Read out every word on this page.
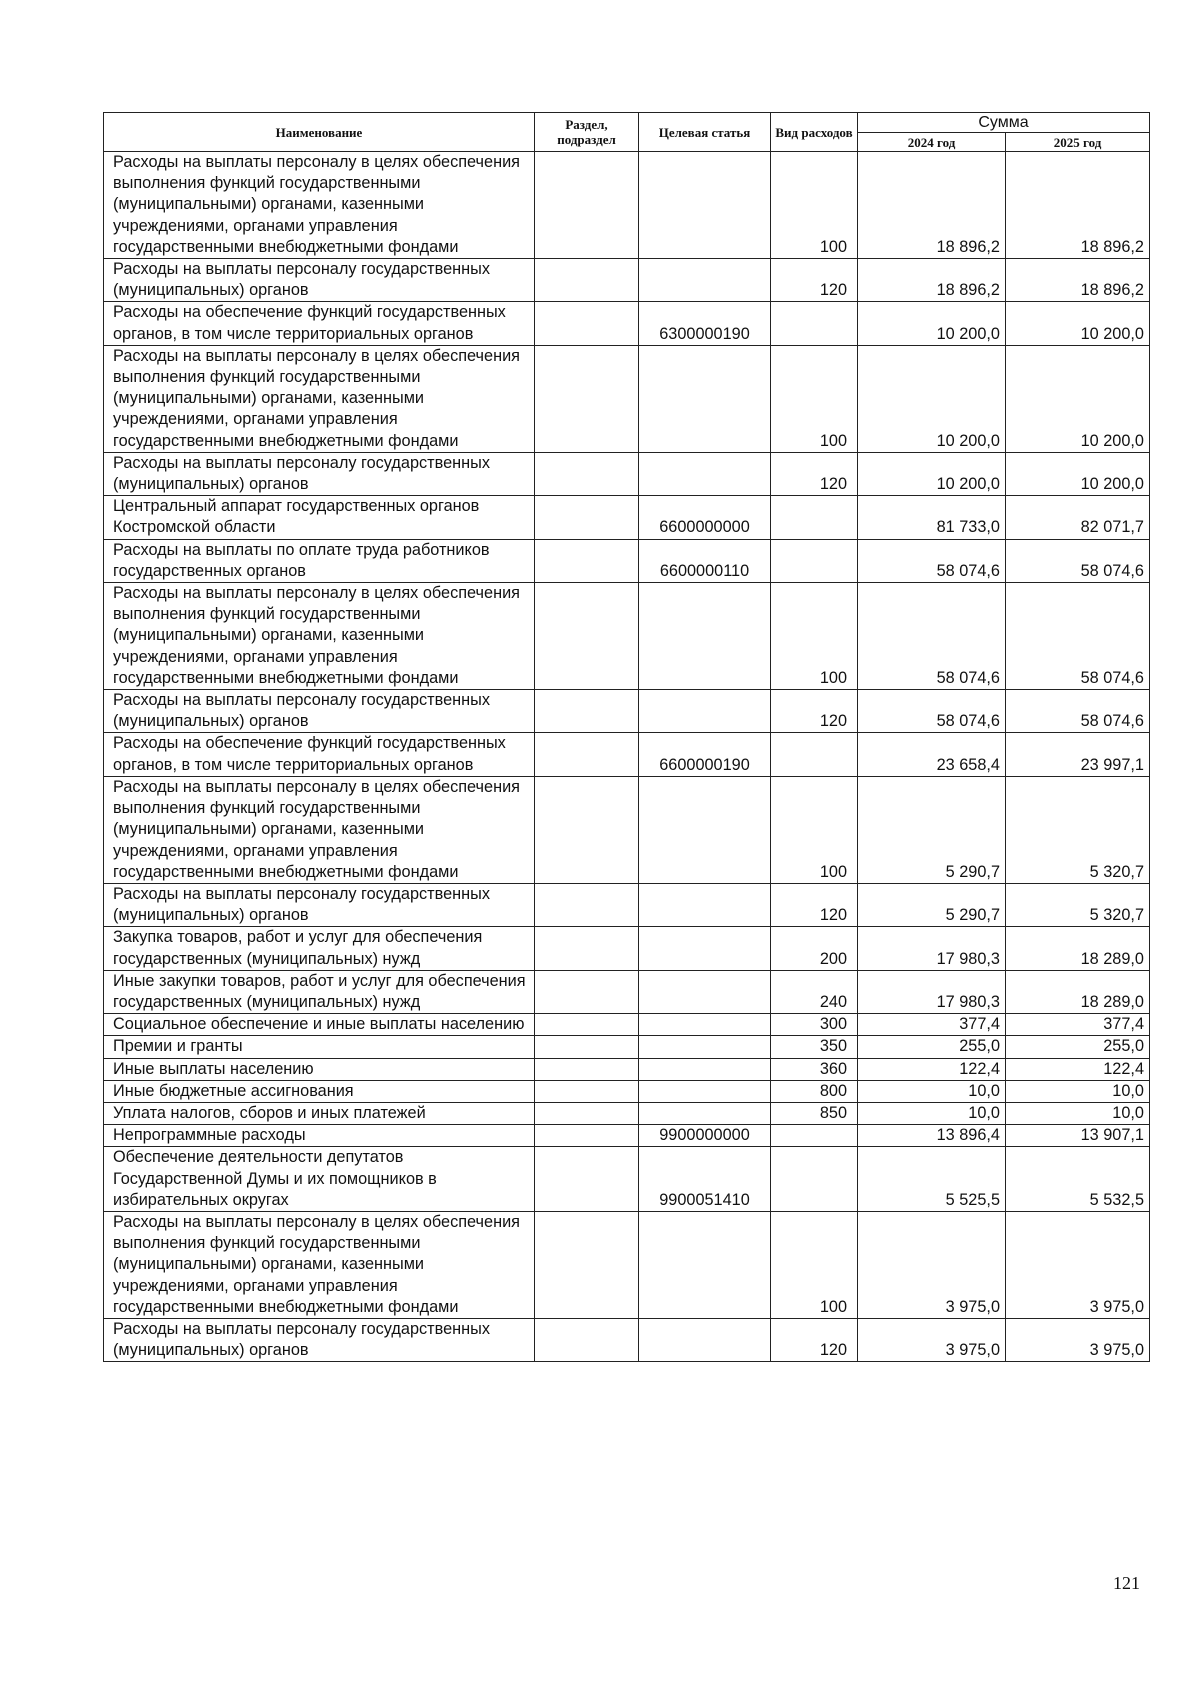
Наименование	Раздел, подраздел	Целевая статья	Вид расходов	Сумма	
				2024 год	2025 год
Расходы на выплаты персоналу в целях обеспечения выполнения функций государственными (муниципальными) органами, казенными учреждениями, органами управления государственными внебюджетными фондами			100	18 896,2	18 896,2
Расходы на выплаты персоналу государственных (муниципальных) органов			120	18 896,2	18 896,2
Расходы на обеспечение функций государственных органов, в том числе территориальных органов		6300000190		10 200,0	10 200,0
Расходы на выплаты персоналу в целях обеспечения выполнения функций государственными (муниципальными) органами, казенными учреждениями, органами управления государственными внебюджетными фондами			100	10 200,0	10 200,0
Расходы на выплаты персоналу государственных (муниципальных) органов			120	10 200,0	10 200,0
Центральный аппарат государственных органов Костромской области		6600000000		81 733,0	82 071,7
Расходы на выплаты по оплате труда работников государственных органов		6600000110		58 074,6	58 074,6
Расходы на выплаты персоналу в целях обеспечения выполнения функций государственными (муниципальными) органами, казенными учреждениями, органами управления государственными внебюджетными фондами			100	58 074,6	58 074,6
Расходы на выплаты персоналу государственных (муниципальных) органов			120	58 074,6	58 074,6
Расходы на обеспечение функций государственных органов, в том числе территориальных органов		6600000190		23 658,4	23 997,1
Расходы на выплаты персоналу в целях обеспечения выполнения функций государственными (муниципальными) органами, казенными учреждениями, органами управления государственными внебюджетными фондами			100	5 290,7	5 320,7
Расходы на выплаты персоналу государственных (муниципальных) органов			120	5 290,7	5 320,7
Закупка товаров, работ и услуг для обеспечения государственных (муниципальных) нужд			200	17 980,3	18 289,0
Иные закупки товаров, работ и услуг для обеспечения государственных (муниципальных) нужд			240	17 980,3	18 289,0
Социальное обеспечение и иные выплаты населению			300	377,4	377,4
Премии и гранты			350	255,0	255,0
Иные выплаты населению			360	122,4	122,4
Иные бюджетные ассигнования			800	10,0	10,0
Уплата налогов, сборов и иных платежей			850	10,0	10,0
Непрограммные расходы		9900000000		13 896,4	13 907,1
Обеспечение деятельности депутатов Государственной Думы и их помощников в избирательных округах		9900051410		5 525,5	5 532,5
Расходы на выплаты персоналу в целях обеспечения выполнения функций государственными (муниципальными) органами, казенными учреждениями, органами управления государственными внебюджетными фондами			100	3 975,0	3 975,0
Расходы на выплаты персоналу государственных (муниципальных) органов			120	3 975,0	3 975,0
121
